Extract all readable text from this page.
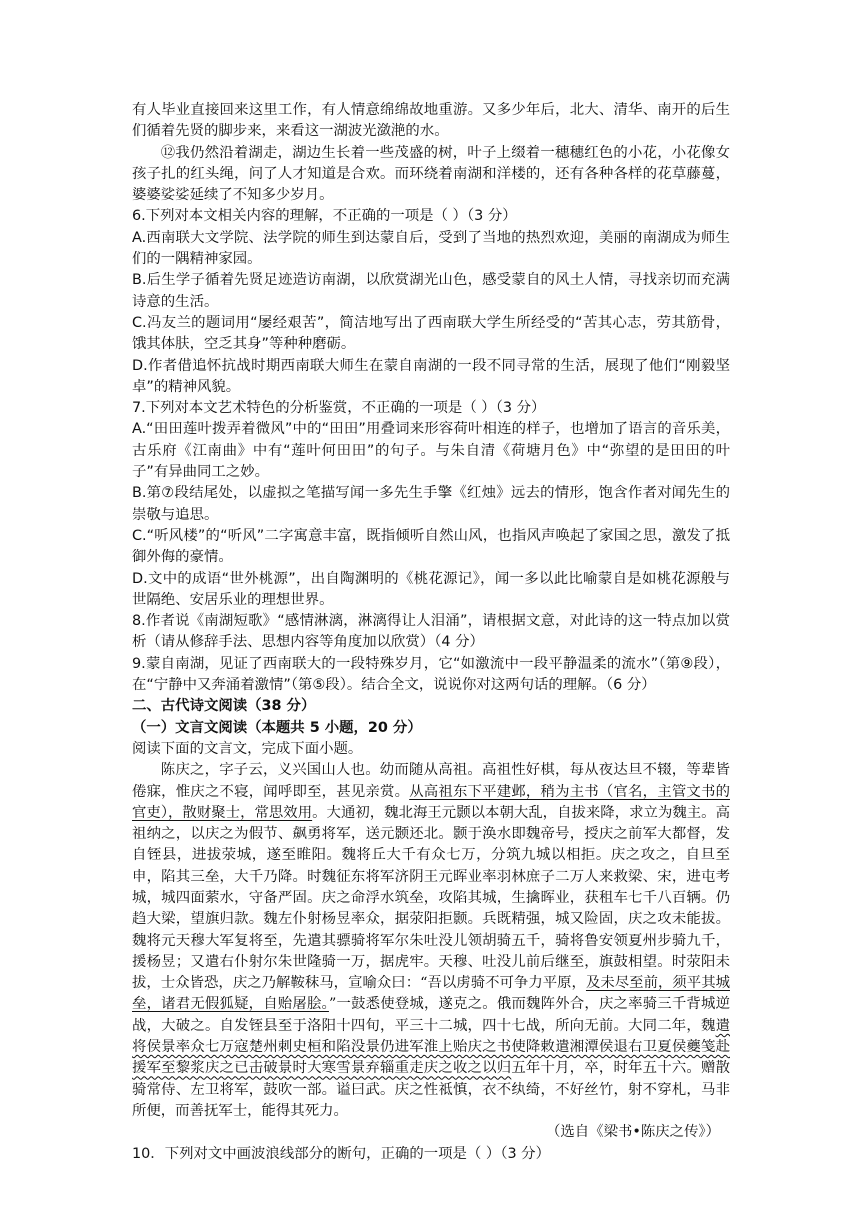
有人毕业直接回来这里工作，有人情意绵绵故地重游。又多少年后，北大、清华、南开的后生们循着先贤的脚步来，来看这一湖波光潋滟的水。

⑫我仍然沿着湖走，湖边生长着一些茂盛的树，叶子上缀着一穗穗红色的小花，小花像女孩子扎的红头绳，问了人才知道是合欢。而环绕着南湖和洋楼的，还有各种各样的花草藤蔓，婆婆娑娑延续了不知多少岁月。

6.下列对本文相关内容的理解，不正确的一项是（ ）（3 分）

A.西南联大文学院、法学院的师生到达蒙自后，受到了当地的热烈欢迎，美丽的南湖成为师生们的一隅精神家园。

B.后生学子循着先贤足迹造访南湖，以欣赏湖光山色，感受蒙自的风土人情，寻找亲切而充满诗意的生活。

C.冯友兰的题词用“屡经艰苦”，简洁地写出了西南联大学生所经受的“苦其心志，劳其筋骨，饿其体肤，空乏其身”等种种磨砺。

D.作者借追怀抗战时期西南联大师生在蒙自南湖的一段不同寻常的生活，展现了他们“刚毅坚卓”的精神风貌。

7.下列对本文艺术特色的分析鉴赏，不正确的一项是（ ）（3 分）

A.“田田莲叶拨弄着微风”中的“田田”用叠词来形容荷叶相连的样子，也增加了语言的音乐美，古乐府《江南曲》中有“莲叶何田田”的句子。与朱自清《荷塘月色》中“弥望的是田田的叶子”有异曲同工之妙。

B.第⑦段结尾处，以虚拟之笔描写闻一多先生手擎《红烛》远去的情形，饱含作者对闻先生的崇敬与追思。

C.“听风楼”的“听风”二字寓意丰富，既指倾听自然山风，也指风声唤起了家国之思，激发了抵御外侮的豪情。

D.文中的成语“世外桃源”，出自陶渊明的《桃花源记》，闻一多以此比喻蒙自是如桃花源般与世隔绝、安居乐业的理想世界。

8.作者说《南湖短歌》“感情淋漓，淋漓得让人泪涌”，请根据文意，对此诗的这一特点加以赏析（请从修辞手法、思想内容等角度加以欣赏）（4 分）

9.蒙自南湖，见证了西南联大的一段特殊岁月，它“如激流中一段平静温柔的流水”（第⑨段），在“宁静中又奔涌着激情”（第⑤段）。结合全文，说说你对这两句话的理解。（6 分）

二、古代诗文阅读（38 分）

（一）文言文阅读（本题共 5 小题，20 分）

阅读下面的文言文，完成下面小题。

陈庆之，字子云，义兴国山人也。幼而随从高祖。高祖性好棋，每从夜达旦不辍，等辈皆倦寐，惟庆之不寝，闻呼即至，甚见亲赏。从高祖东下平建邺，稍为主书（官名，主管文书的官吏），散财聚士，常思效用。大通初，魏北海王元颢以本朝大乱，自拔来降，求立为魏主。高祖纳之，以庆之为假节、飙勇将军，送元颢还北。颢于涣水即魏帝号，授庆之前军大都督，发自铚县，进拔荥城，遂至睢阳。魏将丘大千有众七万，分筑九城以相拒。庆之攻之，自旦至申，陷其三垒，大千乃降。时魏征东将军济阴王元晖业率羽林庶子二万人来救梁、宋，进屯考城，城四面萦水，守备严固。庆之命浮水筑垒，攻陷其城，生擒晖业，获租车七千八百辆。仍趋大梁，望旗归款。魏左仆射杨昱率众，据荥阳拒颢。兵既精强，城又险固，庆之攻未能拔。魏将元天穆大军复将至，先遣其骠骑将军尔朱吐没儿领胡骑五千，骑将鲁安领夏州步骑九千，援杨昱；又遣右仆射尔朱世隆骑一万，据虎牢。天穆、吐没儿前后继至，旗鼓相望。时荥阳未拔，士众皆恐，庆之乃解鞍秣马，宣喻众曰：“吾以虏骑不可争力平原，及未尽至前，须平其城垒，诸君无假狐疑，自贻屠脍。”一鼓悉使登城，遂克之。俄而魏阵外合，庆之率骑三千背城逆战，大破之。自发铚县至于洛阳十四旬，平三十二城，四十七战，所向无前。大同二年，魏遣将侯景率众七万寇楚州刺史桓和陷没景仍进军淮上贻庆之书使降敕遣湘潭侯退右卫夏侯夔笺赴援军至黎浆庆之已击破景时大寒雪景弃辎重走庆之收之以归五年十月，卒，时年五十六。赠散骑常侍、左卫将军，鼓吹一部。谥曰武。庆之性祗慎，衣不纨绮，不好丝竹，射不穿札，马非所便，而善抚军士，能得其死力。

（选自《梁书•陈庆之传》）

10．下列对文中画波浪线部分的断句，正确的一项是（ ）（3 分）
